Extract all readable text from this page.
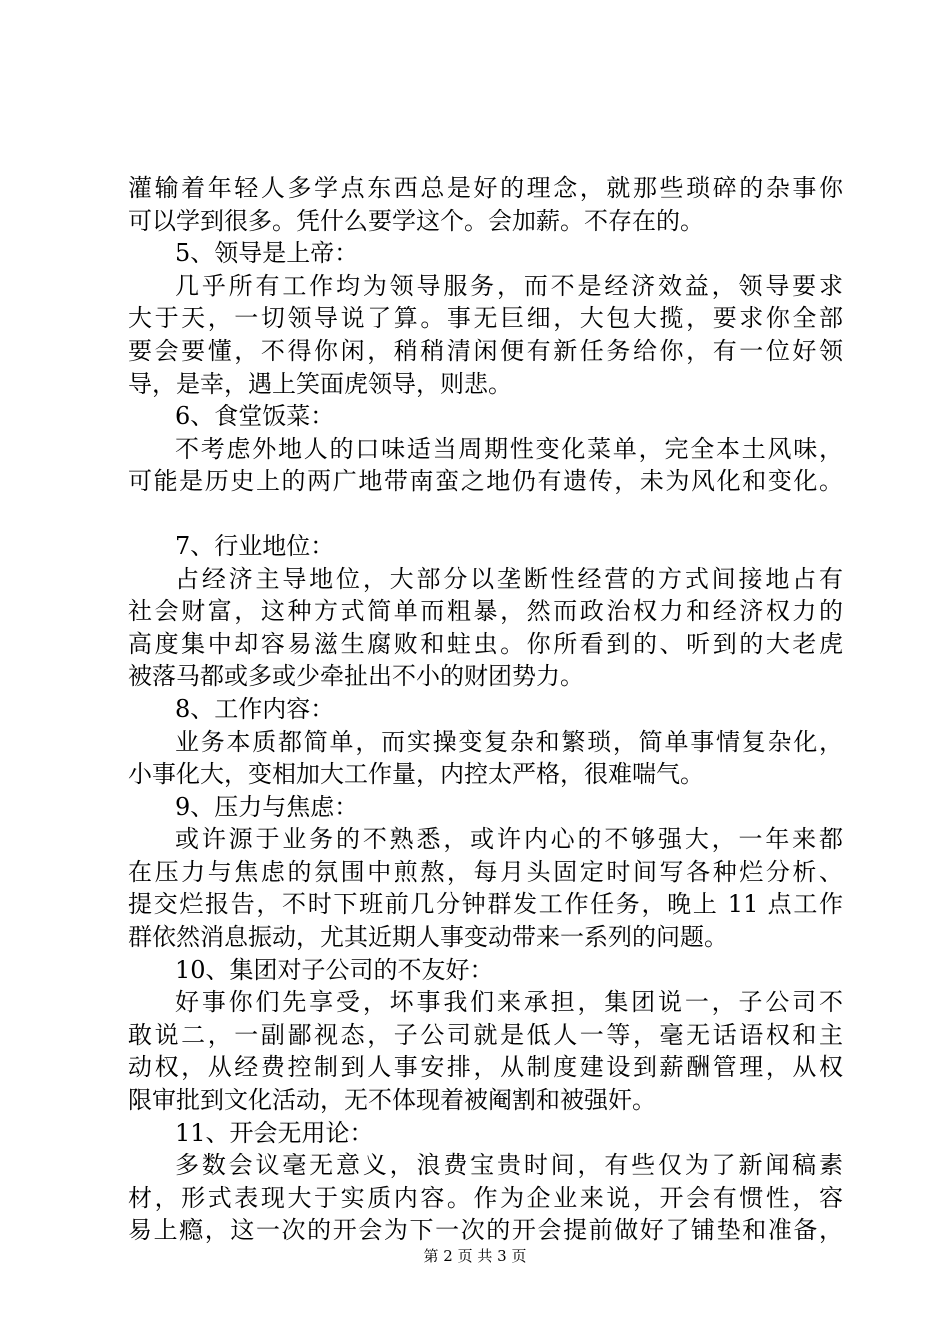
灌输着年轻人多学点东西总是好的理念，就那些琐碎的杂事你
可以学到很多。凭什么要学这个。会加薪。不存在的。
5、领导是上帝：
几乎所有工作均为领导服务，而不是经济效益，领导要求
大于天，一切领导说了算。事无巨细，大包大揽，要求你全部
要会要懂，不得你闲，稍稍清闲便有新任务给你，有一位好领
导，是幸，遇上笑面虎领导，则悲。
6、食堂饭菜：
不考虑外地人的口味适当周期性变化菜单，完全本土风味，
可能是历史上的两广地带南蛮之地仍有遗传，未为风化和变化。
7、行业地位：
占经济主导地位，大部分以垄断性经营的方式间接地占有
社会财富，这种方式简单而粗暴，然而政治权力和经济权力的
高度集中却容易滋生腐败和蛀虫。你所看到的、听到的大老虎
被落马都或多或少牵扯出不小的财团势力。
8、工作内容：
业务本质都简单，而实操变复杂和繁琐，简单事情复杂化，
小事化大，变相加大工作量，内控太严格，很难喘气。
9、压力与焦虑：
或许源于业务的不熟悉，或许内心的不够强大，一年来都
在压力与焦虑的氛围中煎熬，每月头固定时间写各种烂分析、
提交烂报告，不时下班前几分钟群发工作任务，晚上 11 点工作
群依然消息振动，尤其近期人事变动带来一系列的问题。
10、集团对子公司的不友好：
好事你们先享受，坏事我们来承担，集团说一，子公司不
敢说二，一副鄙视态，子公司就是低人一等，毫无话语权和主
动权，从经费控制到人事安排，从制度建设到薪酬管理，从权
限审批到文化活动，无不体现着被阉割和被强奸。
11、开会无用论：
多数会议毫无意义，浪费宝贵时间，有些仅为了新闻稿素
材，形式表现大于实质内容。作为企业来说，开会有惯性，容
易上瘾，这一次的开会为下一次的开会提前做好了铺垫和准备，
第 2 页 共 3 页
